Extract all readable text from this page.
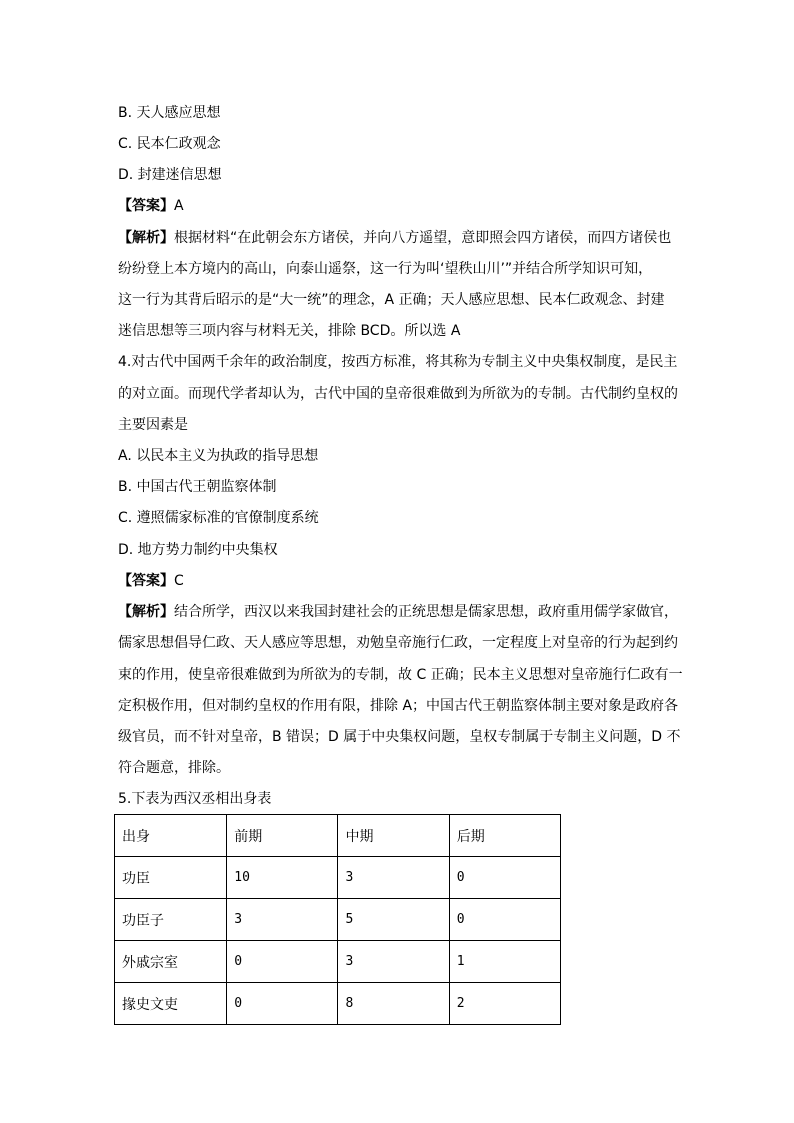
B. 天人感应思想
C. 民本仁政观念
D. 封建迷信思想
【答案】A
【解析】根据材料“在此朝会东方诸侯，并向八方遥望，意即照会四方诸侯，而四方诸侯也
纷纷登上本方境内的高山，向泰山遥祭，这一行为叫‘望秩山川’”并结合所学知识可知，
这一行为其背后昭示的是“大一统”的理念，A 正确；天人感应思想、民本仁政观念、封建
迷信思想等三项内容与材料无关，排除 BCD。所以选 A
4.对古代中国两千余年的政治制度，按西方标准，将其称为专制主义中央集权制度，是民主
的对立面。而现代学者却认为，古代中国的皇帝很难做到为所欲为的专制。古代制约皇权的
主要因素是
A. 以民本主义为执政的指导思想
B. 中国古代王朝监察体制
C. 遵照儒家标准的官僚制度系统
D. 地方势力制约中央集权
【答案】C
【解析】结合所学，西汉以来我国封建社会的正统思想是儒家思想，政府重用儒学家做官，
儒家思想倡导仁政、天人感应等思想，劝勉皇帝施行仁政，一定程度上对皇帝的行为起到约
束的作用，使皇帝很难做到为所欲为的专制，故 C 正确；民本主义思想对皇帝施行仁政有一
定积极作用，但对制约皇权的作用有限，排除 A；中国古代王朝监察体制主要对象是政府各
级官员，而不针对皇帝，B 错误；D 属于中央集权问题，皇权专制属于专制主义问题，D 不
符合题意，排除。
5.下表为西汉丞相出身表
出身	前期	中期	后期
功臣	10	3	0
功臣子	3	5	0
外戚宗室	0	3	1
掾史文吏	0	8	2
